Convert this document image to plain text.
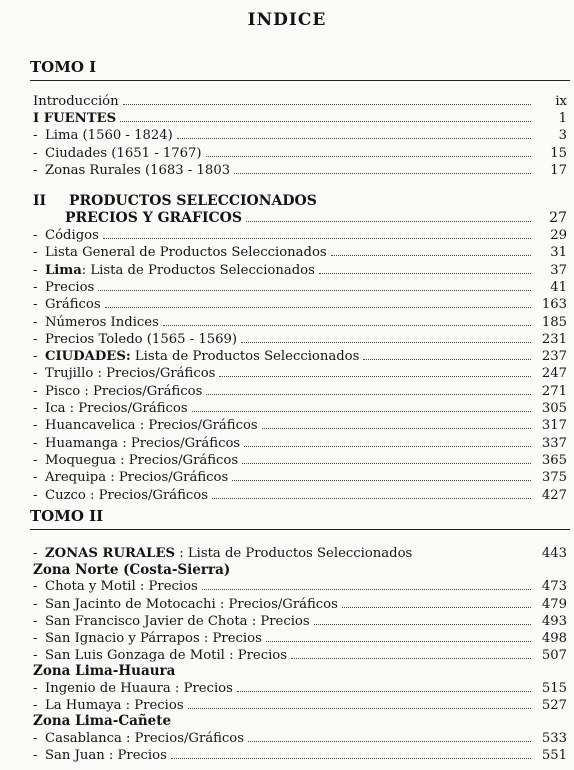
INDICE
TOMO I
Introducción	ix
I FUENTES	1
- Lima (1560 - 1824)	3
- Ciudades (1651 - 1767)	15
- Zonas Rurales (1683 - 1803	17
II PRODUCTOS SELECCIONADOS
PRECIOS Y GRAFICOS	27
- Códigos	29
- Lista General de Productos Seleccionados	31
- Lima: Lista de Productos Seleccionados	37
- Precios	41
- Gráficos	163
- Números Indices	185
- Precios Toledo (1565 - 1569)	231
- CIUDADES: Lista de Productos Seleccionados	237
- Trujillo : Precios/Gráficos	247
- Pisco : Precios/Gráficos	271
- Ica : Precios/Gráficos	305
- Huancavelica : Precios/Gráficos	317
- Huamanga : Precios/Gráficos	337
- Moquegua : Precios/Gráficos	365
- Arequipa : Precios/Gráficos	375
- Cuzco : Precios/Gráficos	427
TOMO II
- ZONAS RURALES : Lista de Productos Seleccionados	443
Zona Norte (Costa-Sierra)
- Chota y Motil : Precios	473
- San Jacinto de Motocachi : Precios/Gráficos	479
- San Francisco Javier de Chota : Precios	493
- San Ignacio y Párrapos : Precios	498
- San Luis Gonzaga de Motil : Precios	507
Zona Lima-Huaura
- Ingenio de Huaura : Precios	515
- La Humaya : Precios	527
Zona Lima-Cañete
- Casablanca : Precios/Gráficos	533
- San Juan : Precios	551
